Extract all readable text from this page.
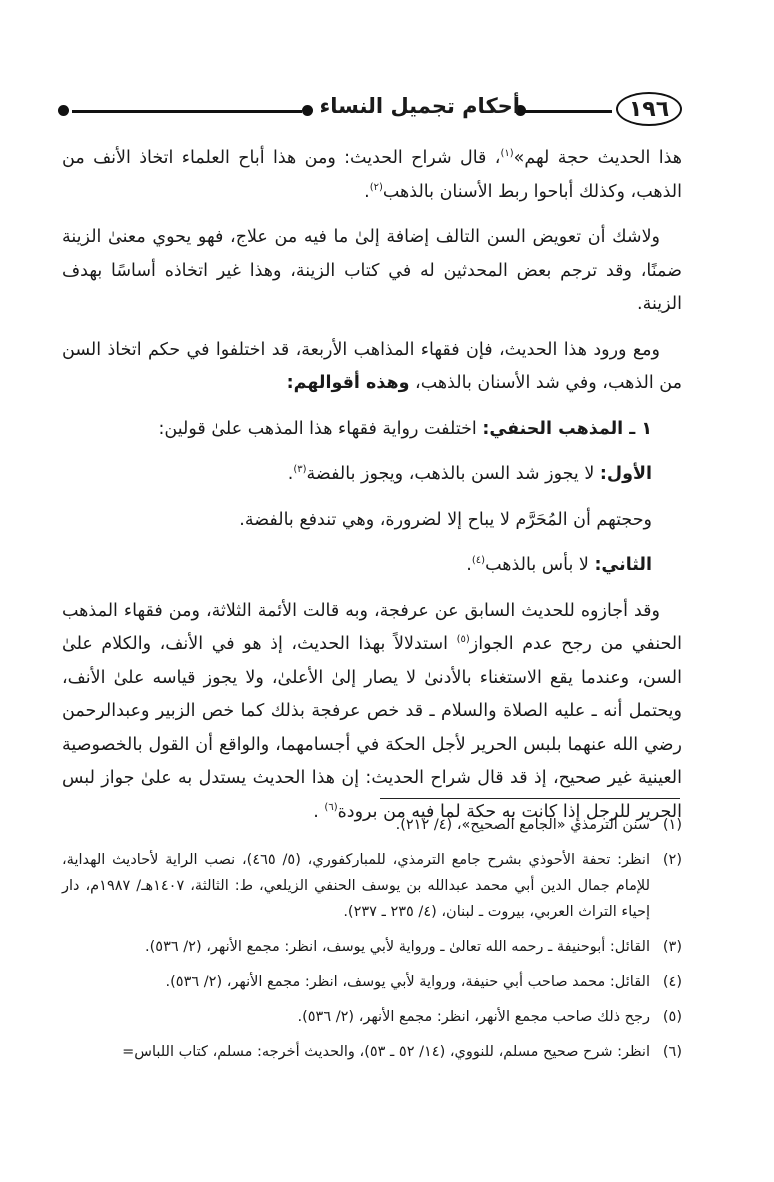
١٩٦
أحكام تجميل النساء

هذا الحديث حجة لهم»$^{(١)}$، قال شراح الحديث: ومن هذا أباح العلماء اتخاذ الأنف من الذهب، وكذلك أباحوا ربط الأسنان بالذهب$^{(٢)}$.

ولاشك أن تعويض السن التالف إضافة إلىٰ ما فيه من علاج، فهو يحوي معنىٰ الزينة ضمنًا، وقد ترجم بعض المحدثين له في كتاب الزينة، وهذا غير اتخاذه أساسًا بهدف الزينة.

ومع ورود هذا الحديث، فإن فقهاء المذاهب الأربعة، قد اختلفوا في حكم اتخاذ السن من الذهب، وفي شد الأسنان بالذهب، وهذه أقوالهم:

١ ـ المذهب الحنفي: اختلفت رواية فقهاء هذا المذهب علىٰ قولين:

الأول: لا يجوز شد السن بالذهب، ويجوز بالفضة$^{(٣)}$.

وحجتهم أن المُحَرَّم لا يباح إلا لضرورة، وهي تندفع بالفضة.

الثاني: لا بأس بالذهب$^{(٤)}$.

وقد أجازوه للحديث السابق عن عرفجة، وبه قالت الأئمة الثلاثة، ومن فقهاء المذهب الحنفي من رجح عدم الجواز$^{(٥)}$ استدلالاً بهذا الحديث، إذ هو في الأنف، والكلام علىٰ السن، وعندما يقع الاستغناء بالأدنىٰ لا يصار إلىٰ الأعلىٰ، ولا يجوز قياسه علىٰ الأنف، ويحتمل أنه ـ عليه الصلاة والسلام ـ قد خص عرفجة بذلك كما خص الزبير وعبدالرحمن رضي الله عنهما بلبس الحرير لأجل الحكة في أجسامهما، والواقع أن القول بالخصوصية العينية غير صحيح، إذ قد قال شراح الحديث: إن هذا الحديث يستدل به علىٰ جواز لبس الحرير للرجل إذا كانت به حكة لما فيه من برودة$^{(٦)}$ .

(١)
سنن الترمذي «الجامع الصحيح»، (٤/ ٢١٢).
(٢)
انظر: تحفة الأحوذي بشرح جامع الترمذي، للمباركفوري، (٥/ ٤٦٥)، نصب الراية لأحاديث الهداية، للإمام جمال الدين أبي محمد عبدالله بن يوسف الحنفي الزيلعي، ط: الثالثة، ١٤٠٧هـ/ ١٩٨٧م، دار إحياء التراث العربي، بيروت ـ لبنان، (٤/ ٢٣٥ ـ ٢٣٧).
(٣)
القائل: أبوحنيفة ـ رحمه الله تعالىٰ ـ ورواية لأبي يوسف، انظر: مجمع الأنهر، (٢/ ٥٣٦).
(٤)
القائل: محمد صاحب أبي حنيفة، ورواية لأبي يوسف، انظر: مجمع الأنهر، (٢/ ٥٣٦).
(٥)
رجح ذلك صاحب مجمع الأنهر، انظر: مجمع الأنهر، (٢/ ٥٣٦).
(٦)
انظر: شرح صحيح مسلم، للنووي، (١٤/ ٥٢ ـ ٥٣)، والحديث أخرجه: مسلم، كتاب اللباس=
